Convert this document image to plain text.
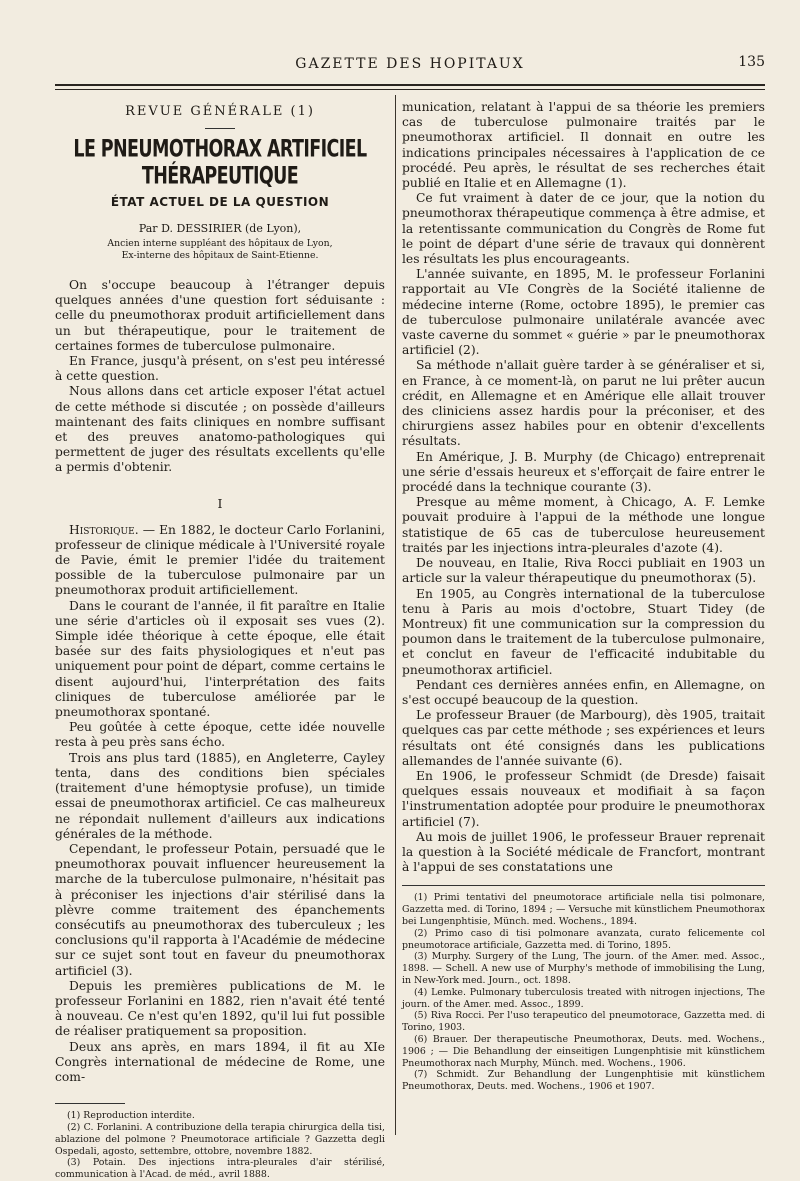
GAZETTE DES HOPITAUX	135
REVUE GÉNÉRALE (1)
LE PNEUMOTHORAX ARTIFICIEL THÉRAPEUTIQUE
ÉTAT ACTUEL DE LA QUESTION
Par D. DESSIRIER (de Lyon),
Ancien interne suppléant des hôpitaux de Lyon,
Ex-interne des hôpitaux de Saint-Etienne.

On s'occupe beaucoup à l'étranger depuis quelques années d'une question fort séduisante : celle du pneumothorax produit artificiellement dans un but thérapeutique, pour le traitement de certaines formes de tuberculose pulmonaire.

En France, jusqu'à présent, on s'est peu intéressé à cette question.

Nous allons dans cet article exposer l'état actuel de cette méthode si discutée ; on possède d'ailleurs maintenant des faits cliniques en nombre suffisant et des preuves anatomo-pathologiques qui permettent de juger des résultats excellents qu'elle a permis d'obtenir.

I

Historique. — En 1882, le docteur Carlo Forlanini, professeur de clinique médicale à l'Université royale de Pavie, émit le premier l'idée du traitement possible de la tuberculose pulmonaire par un pneumothorax produit artificiellement.

Dans le courant de l'année, il fit paraître en Italie une série d'articles où il exposait ses vues (2). Simple idée théorique à cette époque, elle était basée sur des faits physiologiques et n'eut pas uniquement pour point de départ, comme certains le disent aujourd'hui, l'interprétation des faits cliniques de tuberculose améliorée par le pneumothorax spontané.

Peu goûtée à cette époque, cette idée nouvelle resta à peu près sans écho.

Trois ans plus tard (1885), en Angleterre, Cayley tenta, dans des conditions bien spéciales (traitement d'une hémoptysie profuse), un timide essai de pneumothorax artificiel. Ce cas malheureux ne répondait nullement d'ailleurs aux indications générales de la méthode.

Cependant, le professeur Potain, persuadé que le pneumothorax pouvait influencer heureusement la marche de la tuberculose pulmonaire, n'hésitait pas à préconiser les injections d'air stérilisé dans la plèvre comme traitement des épanchements consécutifs au pneumothorax des tuberculeux ; les conclusions qu'il rapporta à l'Académie de médecine sur ce sujet sont tout en faveur du pneumothorax artificiel (3).

Depuis les premières publications de M. le professeur Forlanini en 1882, rien n'avait été tenté à nouveau. Ce n'est qu'en 1892, qu'il lui fut possible de réaliser pratiquement sa proposition.

Deux ans après, en mars 1894, il fit au XIe Congrès international de médecine de Rome, une com-

(1) Reproduction interdite.

(2) C. Forlanini. A contribuzione della terapia chirurgica della tisi, ablazione del polmone ? Pneumotorace artificiale ? Gazzetta degli Ospedali, agosto, settembre, ottobre, novembre 1882.

(3) Potain. Des injections intra-pleurales d'air stérilisé, communication à l'Acad. de méd., avril 1888.

munication, relatant à l'appui de sa théorie les premiers cas de tuberculose pulmonaire traités par le pneumothorax artificiel. Il donnait en outre les indications principales nécessaires à l'application de ce procédé. Peu après, le résultat de ses recherches était publié en Italie et en Allemagne (1).

Ce fut vraiment à dater de ce jour, que la notion du pneumothorax thérapeutique commença à être admise, et la retentissante communication du Congrès de Rome fut le point de départ d'une série de travaux qui donnèrent les résultats les plus encourageants.

L'année suivante, en 1895, M. le professeur Forlanini rapportait au VIe Congrès de la Société italienne de médecine interne (Rome, octobre 1895), le premier cas de tuberculose pulmonaire unilatérale avancée avec vaste caverne du sommet « guérie » par le pneumothorax artificiel (2).

Sa méthode n'allait guère tarder à se généraliser et si, en France, à ce moment-là, on parut ne lui prêter aucun crédit, en Allemagne et en Amérique elle allait trouver des cliniciens assez hardis pour la préconiser, et des chirurgiens assez habiles pour en obtenir d'excellents résultats.

En Amérique, J. B. Murphy (de Chicago) entreprenait une série d'essais heureux et s'efforçait de faire entrer le procédé dans la technique courante (3).

Presque au même moment, à Chicago, A. F. Lemke pouvait produire à l'appui de la méthode une longue statistique de 65 cas de tuberculose heureusement traités par les injections intra-pleurales d'azote (4).

De nouveau, en Italie, Riva Rocci publiait en 1903 un article sur la valeur thérapeutique du pneumothorax (5).

En 1905, au Congrès international de la tuberculose tenu à Paris au mois d'octobre, Stuart Tidey (de Montreux) fit une communication sur la compression du poumon dans le traitement de la tuberculose pulmonaire, et conclut en faveur de l'efficacité indubitable du pneumothorax artificiel.

Pendant ces dernières années enfin, en Allemagne, on s'est occupé beaucoup de la question.

Le professeur Brauer (de Marbourg), dès 1905, traitait quelques cas par cette méthode ; ses expériences et leurs résultats ont été consignés dans les publications allemandes de l'année suivante (6).

En 1906, le professeur Schmidt (de Dresde) faisait quelques essais nouveaux et modifiait à sa façon l'instrumentation adoptée pour produire le pneumothorax artificiel (7).

Au mois de juillet 1906, le professeur Brauer reprenait la question à la Société médicale de Francfort, montrant à l'appui de ses constatations une

(1) Primi tentativi del pneumotorace artificiale nella tisi polmonare, Gazzetta med. di Torino, 1894 ; — Versuche mit künstlichem Pneumothorax bei Lungenphtisie, Münch. med. Wochens., 1894.

(2) Primo caso di tisi polmonare avanzata, curato felicemente col pneumotorace artificiale, Gazzetta med. di Torino, 1895.

(3) Murphy. Surgery of the Lung, The journ. of the Amer. med. Assoc., 1898. — Schell. A new use of Murphy's methode of immobilising the Lung, in New-York med. Journ., oct. 1898.

(4) Lemke. Pulmonary tuberculosis treated with nitrogen injections, The journ. of the Amer. med. Assoc., 1899.

(5) Riva Rocci. Per l'uso terapeutico del pneumotorace, Gazzetta med. di Torino, 1903.

(6) Brauer. Der therapeutische Pneumothorax, Deuts. med. Wochens., 1906 ; — Die Behandlung der einseitigen Lungenphtisie mit künstlichem Pneumothorax nach Murphy, Münch. med. Wochens., 1906.

(7) Schmidt. Zur Behandlung der Lungenphtisie mit künstlichem Pneumothorax, Deuts. med. Wochens., 1906 et 1907.
